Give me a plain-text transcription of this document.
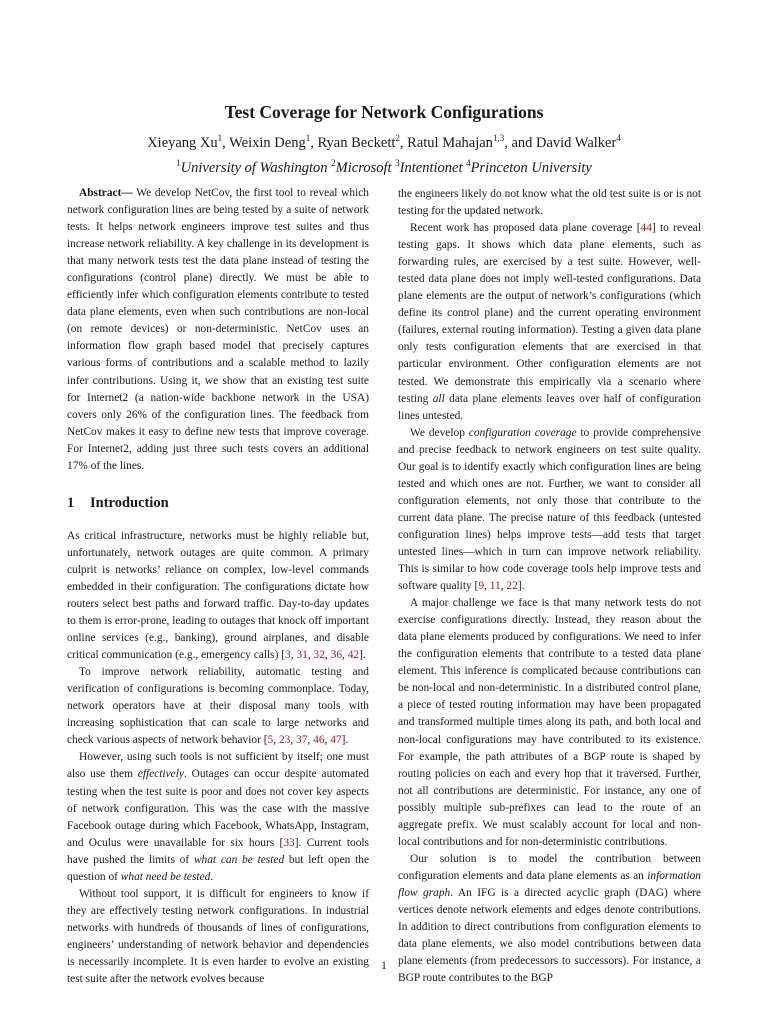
Test Coverage for Network Configurations
Xieyang Xu$^1$, Weixin Deng$^1$, Ryan Beckett$^2$, Ratul Mahajan$^{1,3}$, and David Walker$^4$
$^1$University of Washington $^2$Microsoft $^3$Intentionet $^4$Princeton University

Abstract— We develop NetCov, the first tool to reveal which network configuration lines are being tested by a suite of network tests. It helps network engineers improve test suites and thus increase network reliability. A key challenge in its development is that many network tests test the data plane instead of testing the configurations (control plane) directly. We must be able to efficiently infer which configuration elements contribute to tested data plane elements, even when such contributions are non-local (on remote devices) or non-deterministic. NetCov uses an information flow graph based model that precisely captures various forms of contributions and a scalable method to lazily infer contributions. Using it, we show that an existing test suite for Internet2 (a nation-wide backbone network in the USA) covers only 26% of the configuration lines. The feedback from NetCov makes it easy to define new tests that improve coverage. For Internet2, adding just three such tests covers an additional 17% of the lines.

1 Introduction

As critical infrastructure, networks must be highly reliable but, unfortunately, network outages are quite common. A primary culprit is networks’ reliance on complex, low-level commands embedded in their configuration. The configurations dictate how routers select best paths and forward traffic. Day-to-day updates to them is error-prone, leading to outages that knock off important online services (e.g., banking), ground airplanes, and disable critical communication (e.g., emergency calls) [3, 31, 32, 36, 42].

To improve network reliability, automatic testing and verification of configurations is becoming commonplace. Today, network operators have at their disposal many tools with increasing sophistication that can scale to large networks and check various aspects of network behavior [5, 23, 37, 46, 47].

However, using such tools is not sufficient by itself; one must also use them effectively. Outages can occur despite automated testing when the test suite is poor and does not cover key aspects of network configuration. This was the case with the massive Facebook outage during which Facebook, WhatsApp, Instagram, and Oculus were unavailable for six hours [33]. Current tools have pushed the limits of what can be tested but left open the question of what need be tested.

Without tool support, it is difficult for engineers to know if they are effectively testing network configurations. In industrial networks with hundreds of thousands of lines of configurations, engineers’ understanding of network behavior and dependencies is necessarily incomplete. It is even harder to evolve an existing test suite after the network evolves because

the engineers likely do not know what the old test suite is or is not testing for the updated network.

Recent work has proposed data plane coverage [44] to reveal testing gaps. It shows which data plane elements, such as forwarding rules, are exercised by a test suite. However, well-tested data plane does not imply well-tested configurations. Data plane elements are the output of network’s configurations (which define its control plane) and the current operating environment (failures, external routing information). Testing a given data plane only tests configuration elements that are exercised in that particular environment. Other configuration elements are not tested. We demonstrate this empirically via a scenario where testing all data plane elements leaves over half of configuration lines untested.

We develop configuration coverage to provide comprehensive and precise feedback to network engineers on test suite quality. Our goal is to identify exactly which configuration lines are being tested and which ones are not. Further, we want to consider all configuration elements, not only those that contribute to the current data plane. The precise nature of this feedback (untested configuration lines) helps improve tests—add tests that target untested lines—which in turn can improve network reliability. This is similar to how code coverage tools help improve tests and software quality [9, 11, 22].

A major challenge we face is that many network tests do not exercise configurations directly. Instead, they reason about the data plane elements produced by configurations. We need to infer the configuration elements that contribute to a tested data plane element. This inference is complicated because contributions can be non-local and non-deterministic. In a distributed control plane, a piece of tested routing information may have been propagated and transformed multiple times along its path, and both local and non-local configurations may have contributed to its existence. For example, the path attributes of a BGP route is shaped by routing policies on each and every hop that it traversed. Further, not all contributions are deterministic. For instance, any one of possibly multiple sub-prefixes can lead to the route of an aggregate prefix. We must scalably account for local and non-local contributions and for non-deterministic contributions.

Our solution is to model the contribution between configuration elements and data plane elements as an information flow graph. An IFG is a directed acyclic graph (DAG) where vertices denote network elements and edges denote contributions. In addition to direct contributions from configuration elements to data plane elements, we also model contributions between data plane elements (from predecessors to successors). For instance, a BGP route contributes to the BGP

1
